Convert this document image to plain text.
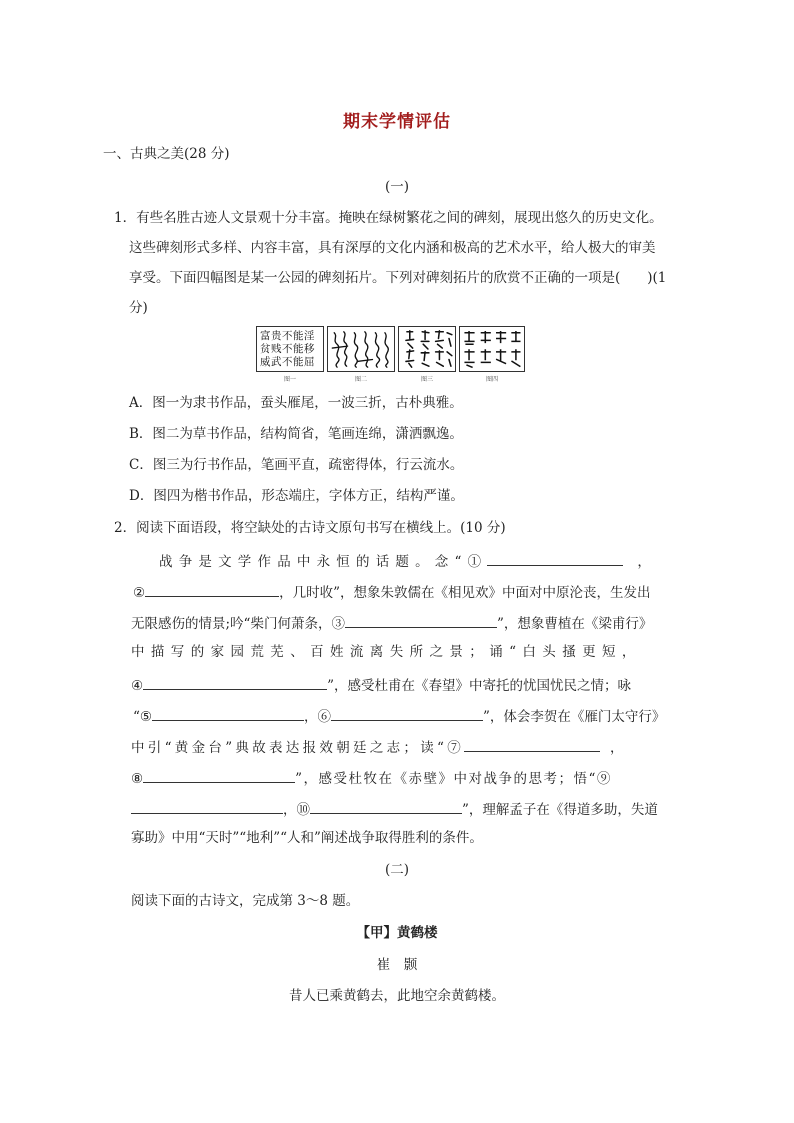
期末学情评估
一、古典之美(28 分)
(一)
1．有些名胜古迹人文景观十分丰富。掩映在绿树繁花之间的碑刻，展现出悠久的历史文化。
这些碑刻形式多样、内容丰富，具有深厚的文化内涵和极高的艺术水平，给人极大的审美
享受。下面四幅图是某一公园的碑刻拓片。下列对碑刻拓片的欣赏不正确的一项是(　　)(1
分)
富贵不能淫
贫贱不能移
威武不能屈
图一	图二	图三	图四
A．图一为隶书作品，蚕头雁尾，一波三折，古朴典雅。
B．图二为草书作品，结构简省，笔画连绵，潇洒飘逸。
C．图三为行书作品，笔画平直，疏密得体，行云流水。
D．图四为楷书作品，形态端庄，字体方正，结构严谨。
2．阅读下面语段，将空缺处的古诗文原句书写在横线上。(10 分)
战争是文学作品中永恒的话题。念“①	，
②	，几时收”，想象朱敦儒在《相见欢》中面对中原沦丧，生发出
无限感伤的情景;吟“柴门何萧条，③	”，想象曹植在《梁甫行》
中描写的家园荒芜、百姓流离失所之景；诵“白头搔更短，
④	”，感受杜甫在《春望》中寄托的忧国忧民之情；咏
“⑤	，⑥	”，体会李贺在《雁门太守行》
中引“黄金台”典故表达报效朝廷之志；读“⑦	，
⑧	”，感受杜牧在《赤壁》中对战争的思考；悟“⑨
，⑩	”，理解孟子在《得道多助，失道
寡助》中用“天时”“地利”“人和”阐述战争取得胜利的条件。
(二)
阅读下面的古诗文，完成第 3～8 题。
【甲】黄鹤楼
崔　颢
昔人已乘黄鹤去，此地空余黄鹤楼。
